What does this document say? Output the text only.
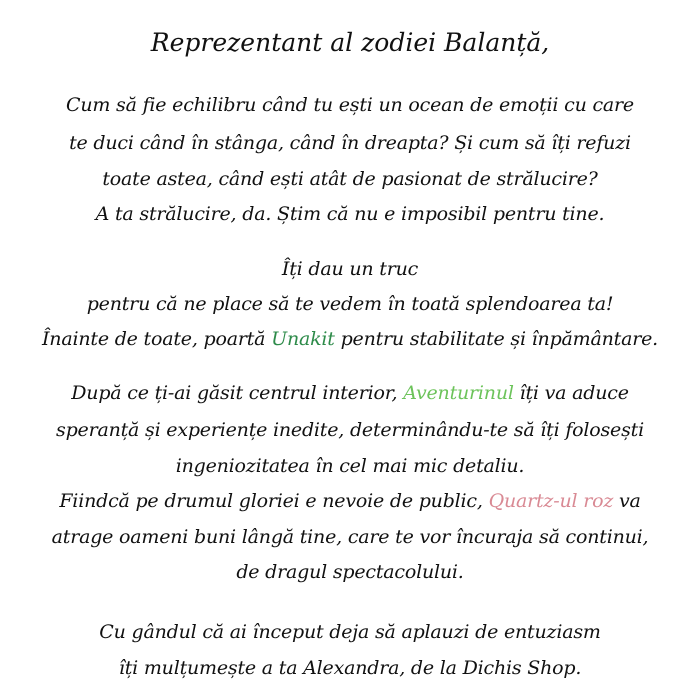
Reprezentant al zodiei Balanță,
Cum să fie echilibru când tu ești un ocean de emoții cu care
te duci când în stânga, când în dreapta? Și cum să îți refuzi
toate astea, când ești atât de pasionat de strălucire?
A ta strălucire, da. Știm că nu e imposibil pentru tine.
Îți dau un truc
pentru că ne place să te vedem în toată splendoarea ta!
Înainte de toate, poartă Unakit pentru stabilitate și înpământare.
După ce ți-ai găsit centrul interior, Aventurinul îți va aduce
speranță și experiențe inedite, determinându-te să îți folosești
ingeniozitatea în cel mai mic detaliu.
Fiindcă pe drumul gloriei e nevoie de public, Quartz-ul roz va
atrage oameni buni lângă tine, care te vor încuraja să continui,
de dragul spectacolului.
Cu gândul că ai început deja să aplauzi de entuziasm
îți mulțumește a ta Alexandra, de la Dichis Shop.
